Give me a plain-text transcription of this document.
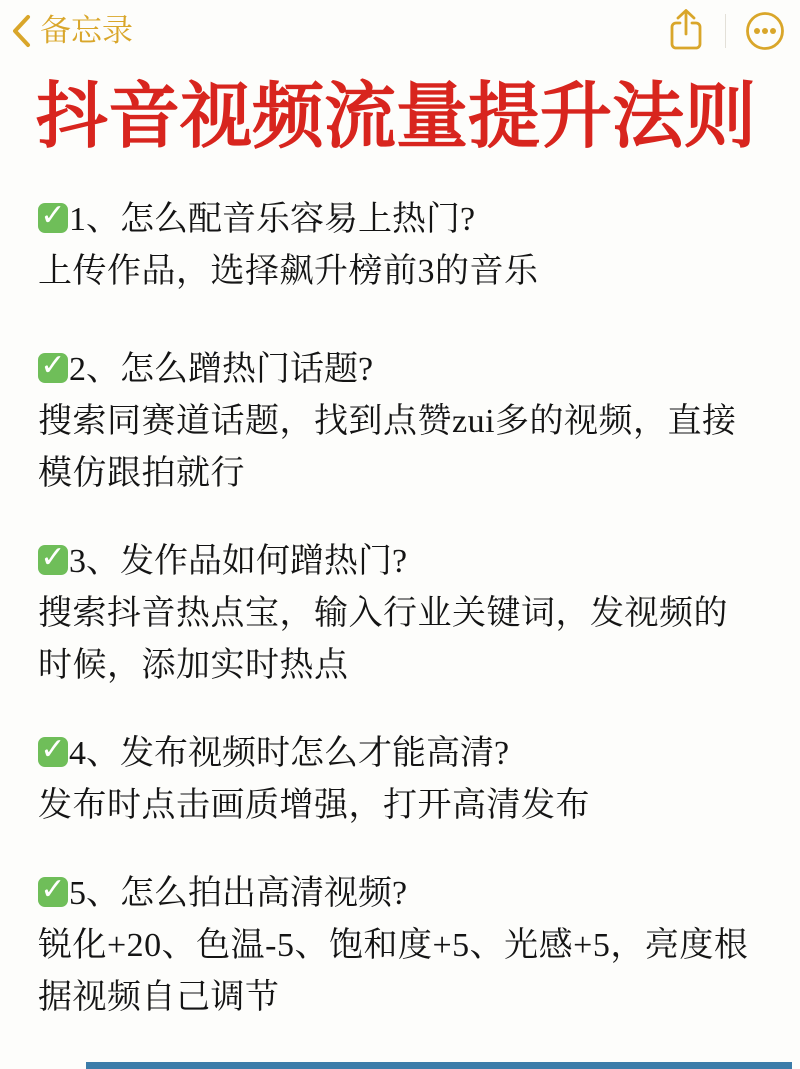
备忘录
抖音视频流量提升法则
✓ 1、怎么配音乐容易上热门?

上传作品，选择飙升榜前3的音乐

✓ 2、怎么蹭热门话题?

搜索同赛道话题，找到点赞zui多的视频，直接模仿跟拍就行

✓ 3、发作品如何蹭热门?

搜索抖音热点宝，输入行业关键词，发视频的时候，添加实时热点

✓ 4、发布视频时怎么才能高清?

发布时点击画质增强，打开高清发布

✓ 5、怎么拍出高清视频?

锐化+20、色温-5、饱和度+5、光感+5，亮度根据视频自己调节
